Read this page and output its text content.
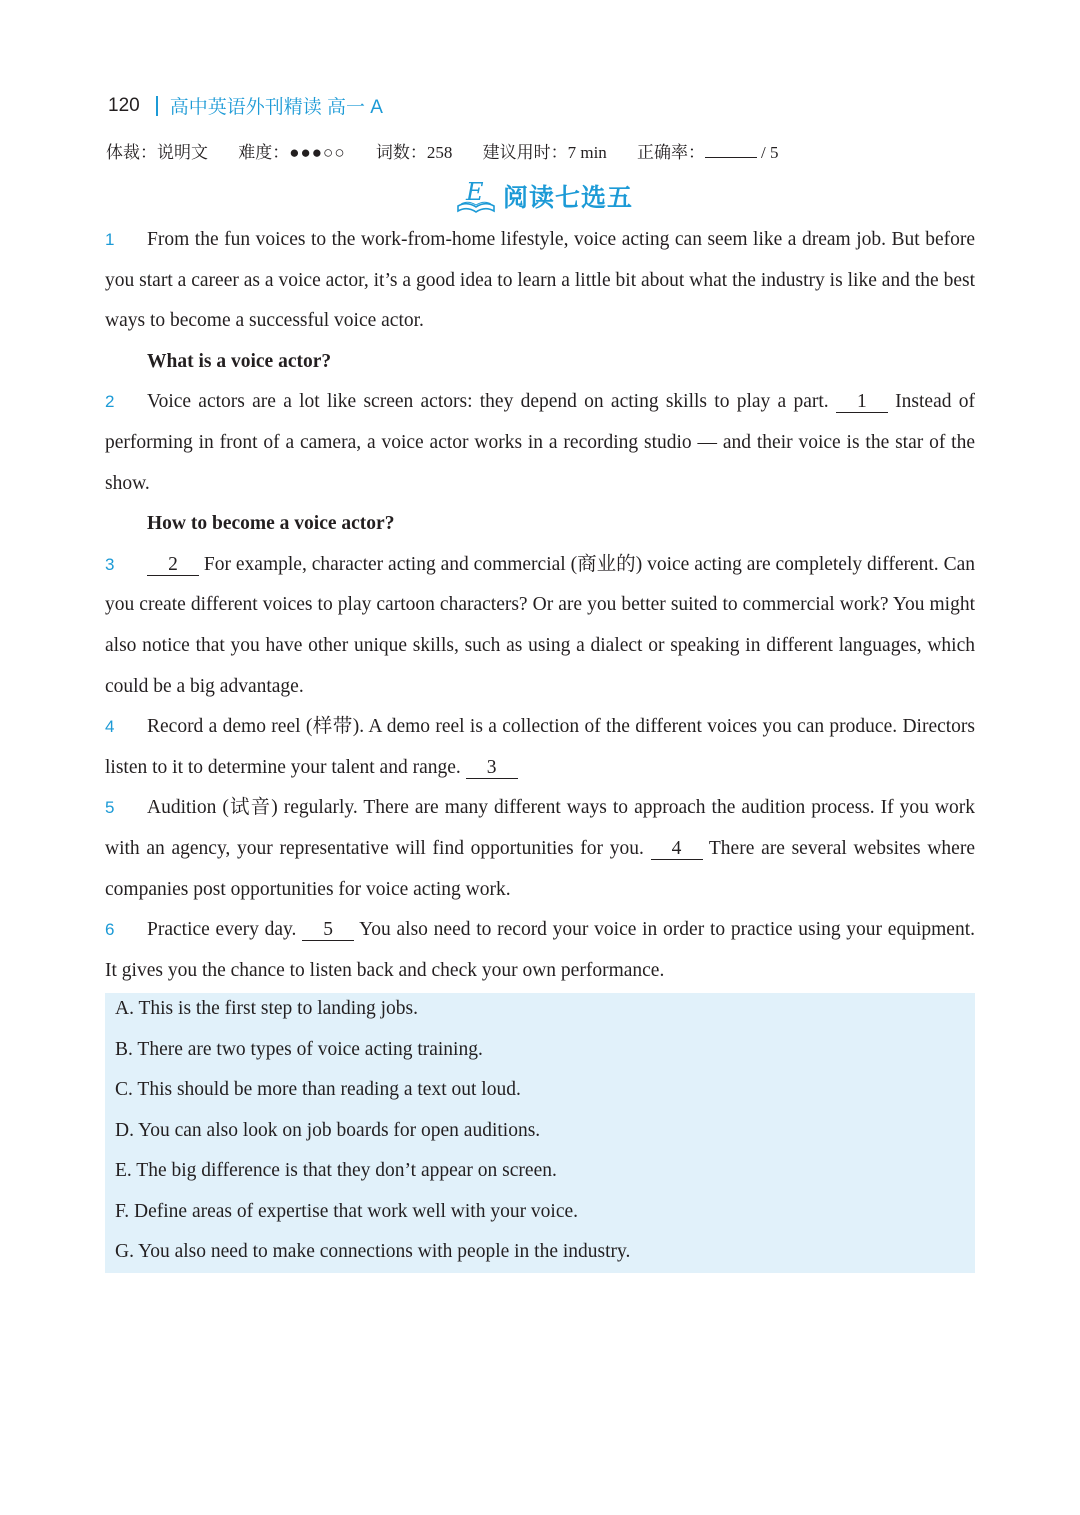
120 高中英语外刊精读 高一 A
体裁：说明文 难度：●●●○○ 词数：258 建议用时：7 min 正确率：	/ 5
E 阅读七选五

1 From the fun voices to the work-from-home lifestyle, voice acting can seem like a dream job. But before you start a career as a voice actor, it’s a good idea to learn a little bit about what the industry is like and the best ways to become a successful voice actor.

What is a voice actor?

2 Voice actors are a lot like screen actors: they depend on acting skills to play a part. 1 Instead of performing in front of a camera, a voice actor works in a recording studio — and their voice is the star of the show.

How to become a voice actor?

3	2 For example, character acting and commercial (商业的) voice acting are completely different. Can you create different voices to play cartoon characters? Or are you better suited to commercial work? You might also notice that you have other unique skills, such as using a dialect or speaking in different languages, which could be a big advantage.

4 Record a demo reel (样带). A demo reel is a collection of the different voices you can produce. Directors listen to it to determine your talent and range. 3

5 Audition (试音) regularly. There are many different ways to approach the audition process. If you work with an agency, your representative will find opportunities for you. 4 There are several websites where companies post opportunities for voice acting work.

6 Practice every day. 5 You also need to record your voice in order to practice using your equipment. It gives you the chance to listen back and check your own performance.

A. This is the first step to landing jobs.
B. There are two types of voice acting training.
C. This should be more than reading a text out loud.
D. You can also look on job boards for open auditions.
E. The big difference is that they don’t appear on screen.
F. Define areas of expertise that work well with your voice.
G. You also need to make connections with people in the industry.
